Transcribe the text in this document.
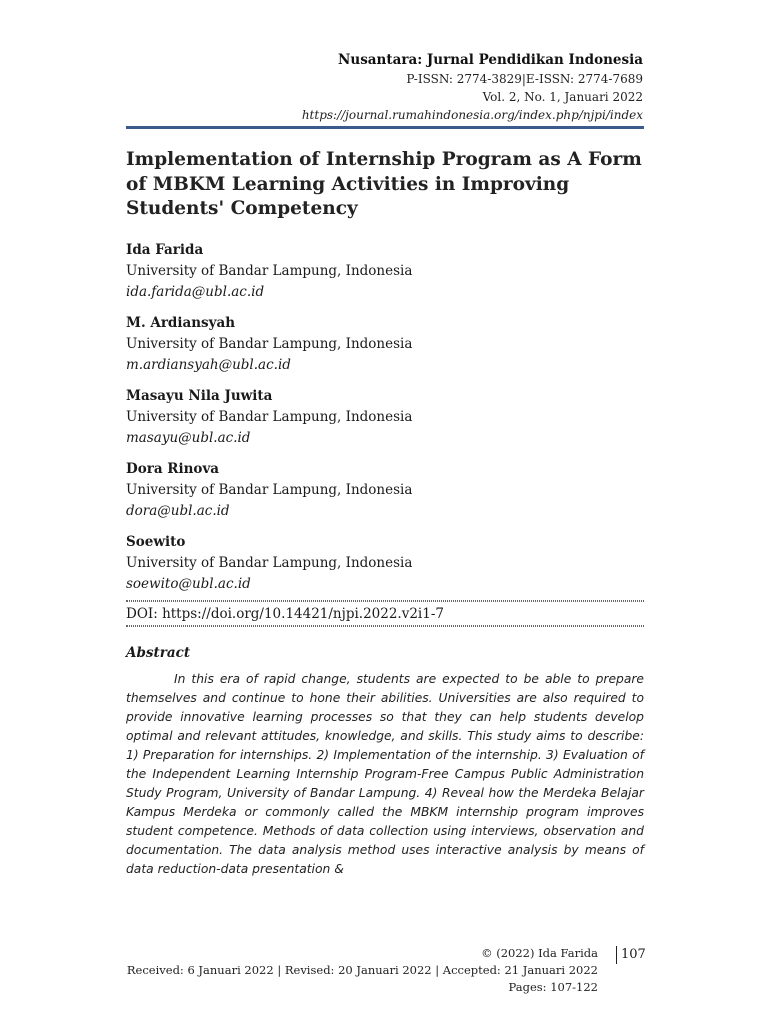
Nusantara: Jurnal Pendidikan Indonesia
P-ISSN: 2774-3829|E-ISSN: 2774-7689
Vol. 2, No. 1, Januari 2022
https://journal.rumahindonesia.org/index.php/njpi/index
Implementation of Internship Program as A Form of MBKM Learning Activities in Improving Students' Competency
Ida Farida
University of Bandar Lampung, Indonesia
ida.farida@ubl.ac.id
M. Ardiansyah
University of Bandar Lampung, Indonesia
m.ardiansyah@ubl.ac.id
Masayu Nila Juwita
University of Bandar Lampung, Indonesia
masayu@ubl.ac.id
Dora Rinova
University of Bandar Lampung, Indonesia
dora@ubl.ac.id
Soewito
University of Bandar Lampung, Indonesia
soewito@ubl.ac.id
DOI: https://doi.org/10.14421/njpi.2022.v2i1-7
Abstract
In this era of rapid change, students are expected to be able to prepare themselves and continue to hone their abilities. Universities are also required to provide innovative learning processes so that they can help students develop optimal and relevant attitudes, knowledge, and skills. This study aims to describe: 1) Preparation for internships. 2) Implementation of the internship. 3) Evaluation of the Independent Learning Internship Program-Free Campus Public Administration Study Program, University of Bandar Lampung. 4) Reveal how the Merdeka Belajar Kampus Merdeka or commonly called the MBKM internship program improves student competence. Methods of data collection using interviews, observation and documentation. The data analysis method uses interactive analysis by means of data reduction-data presentation &
© (2022) Ida Farida
Received: 6 Januari 2022 | Revised: 20 Januari 2022 | Accepted: 21 Januari 2022
Pages: 107-122
107
